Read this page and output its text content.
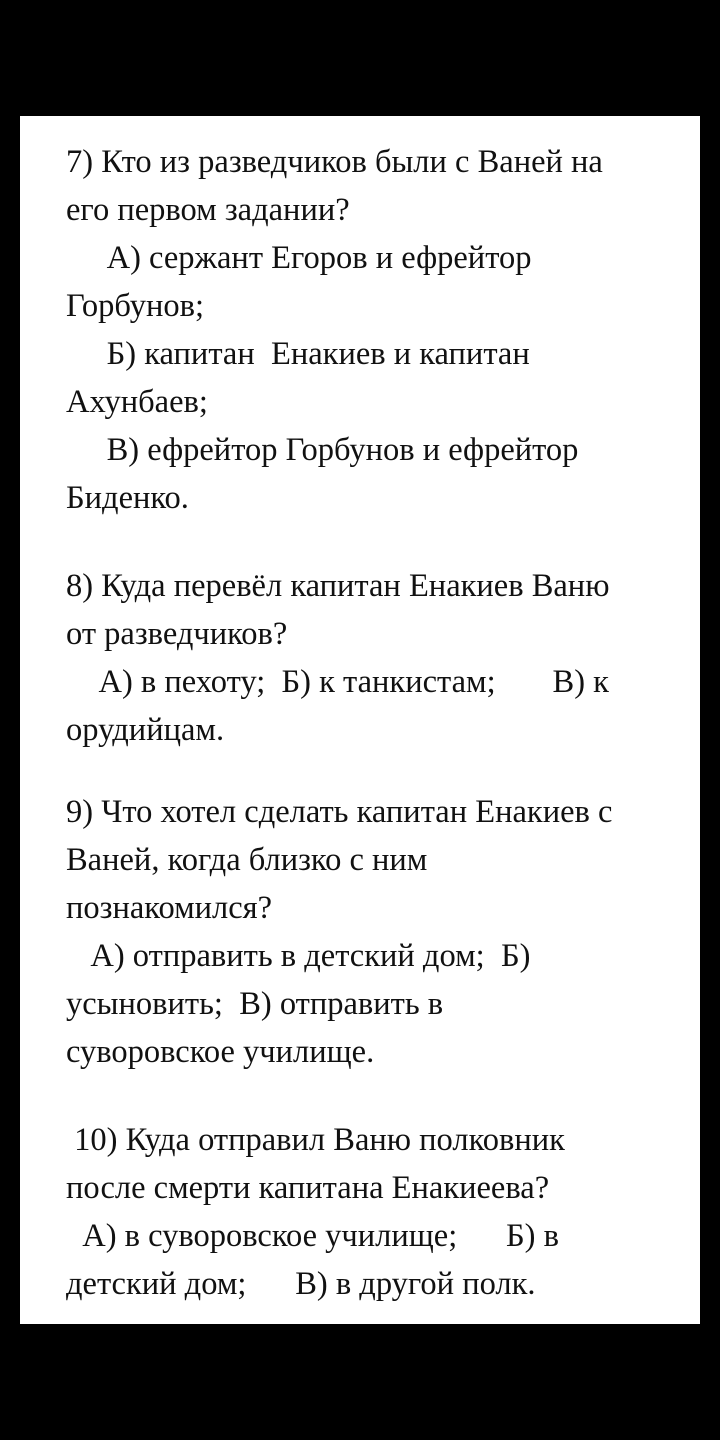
7) Кто из разведчиков были с Ваней на

его первом задании?

А) сержант Егоров и ефрейтор

Горбунов;

Б) капитан  Енакиев и капитан

Ахунбаев;

В) ефрейтор Горбунов и ефрейтор

Биденко.

8) Куда перевёл капитан Енакиев Ваню

от разведчиков?

А) в пехоту;  Б) к танкистам;       В) к

орудийцам.

9) Что хотел сделать капитан Енакиев с

Ваней, когда близко с ним

познакомился?

А) отправить в детский дом;  Б)

усыновить;  В) отправить в

суворовское училище.

10) Куда отправил Ваню полковник

после смерти капитана Енакиеева?

А) в суворовское училище;      Б) в

детский дом;      В) в другой полк.
